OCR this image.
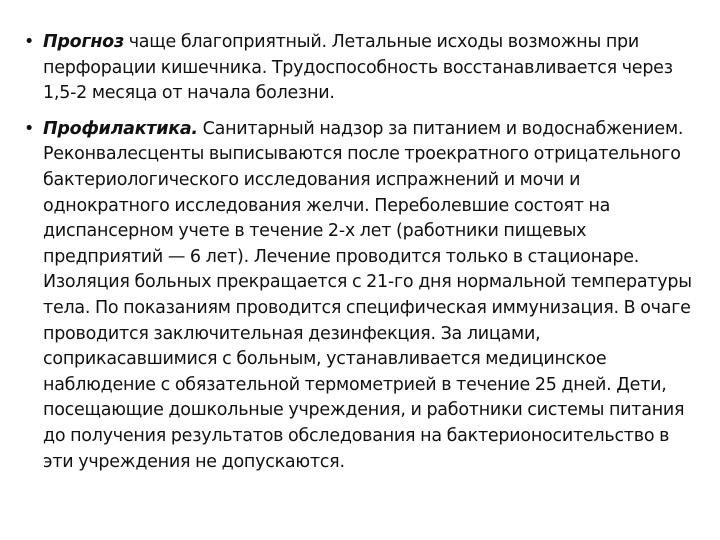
• Прогноз чаще благоприятный. Летальные исходы возможны при перфорации кишечника. Трудоспособность восстанавливается через 1,5-2 месяца от начала болезни.
• Профилактика. Санитарный надзор за питанием и водоснабжением. Реконвалесценты выписываются после троекратного отрицательного бактериологического исследования испражнений и мочи и однократного исследования желчи. Переболевшие состоят на диспансерном учете в течение 2-х лет (работники пищевых предприятий — 6 лет). Лечение проводится только в стационаре. Изоляция больных прекращается с 21-го дня нормальной температуры тела. По показаниям проводится специфическая иммунизация. В очаге проводится заключительная дезинфекция. За лицами, соприкасавшимися с больным, устанавливается медицинское наблюдение с обязательной термометрией в течение 25 дней. Дети, посещающие дошкольные учреждения, и работники системы питания до получения результатов обследования на бактерионосительство в эти учреждения не допускаются.
